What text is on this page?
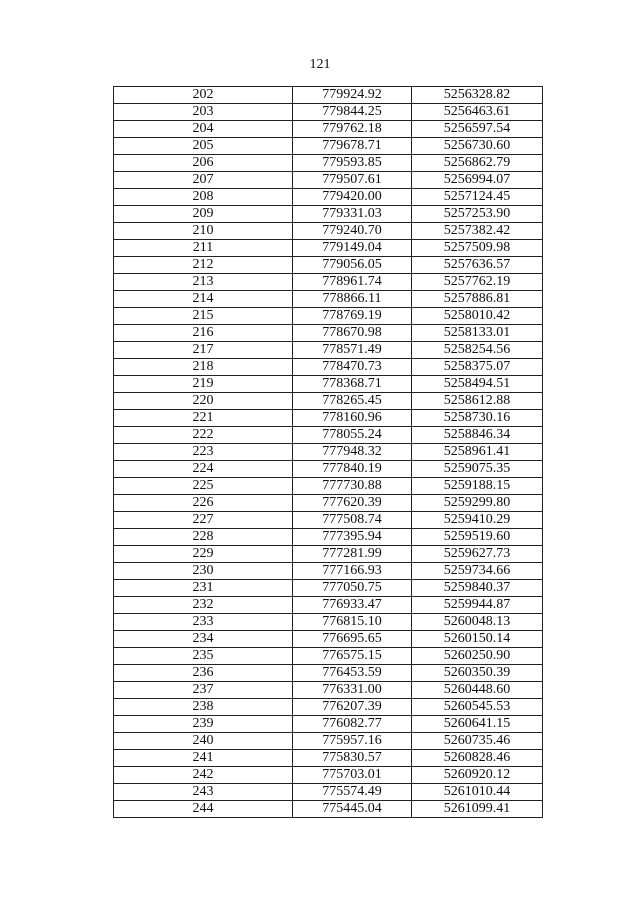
121
202	779924.92	5256328.82
203	779844.25	5256463.61
204	779762.18	5256597.54
205	779678.71	5256730.60
206	779593.85	5256862.79
207	779507.61	5256994.07
208	779420.00	5257124.45
209	779331.03	5257253.90
210	779240.70	5257382.42
211	779149.04	5257509.98
212	779056.05	5257636.57
213	778961.74	5257762.19
214	778866.11	5257886.81
215	778769.19	5258010.42
216	778670.98	5258133.01
217	778571.49	5258254.56
218	778470.73	5258375.07
219	778368.71	5258494.51
220	778265.45	5258612.88
221	778160.96	5258730.16
222	778055.24	5258846.34
223	777948.32	5258961.41
224	777840.19	5259075.35
225	777730.88	5259188.15
226	777620.39	5259299.80
227	777508.74	5259410.29
228	777395.94	5259519.60
229	777281.99	5259627.73
230	777166.93	5259734.66
231	777050.75	5259840.37
232	776933.47	5259944.87
233	776815.10	5260048.13
234	776695.65	5260150.14
235	776575.15	5260250.90
236	776453.59	5260350.39
237	776331.00	5260448.60
238	776207.39	5260545.53
239	776082.77	5260641.15
240	775957.16	5260735.46
241	775830.57	5260828.46
242	775703.01	5260920.12
243	775574.49	5261010.44
244	775445.04	5261099.41
